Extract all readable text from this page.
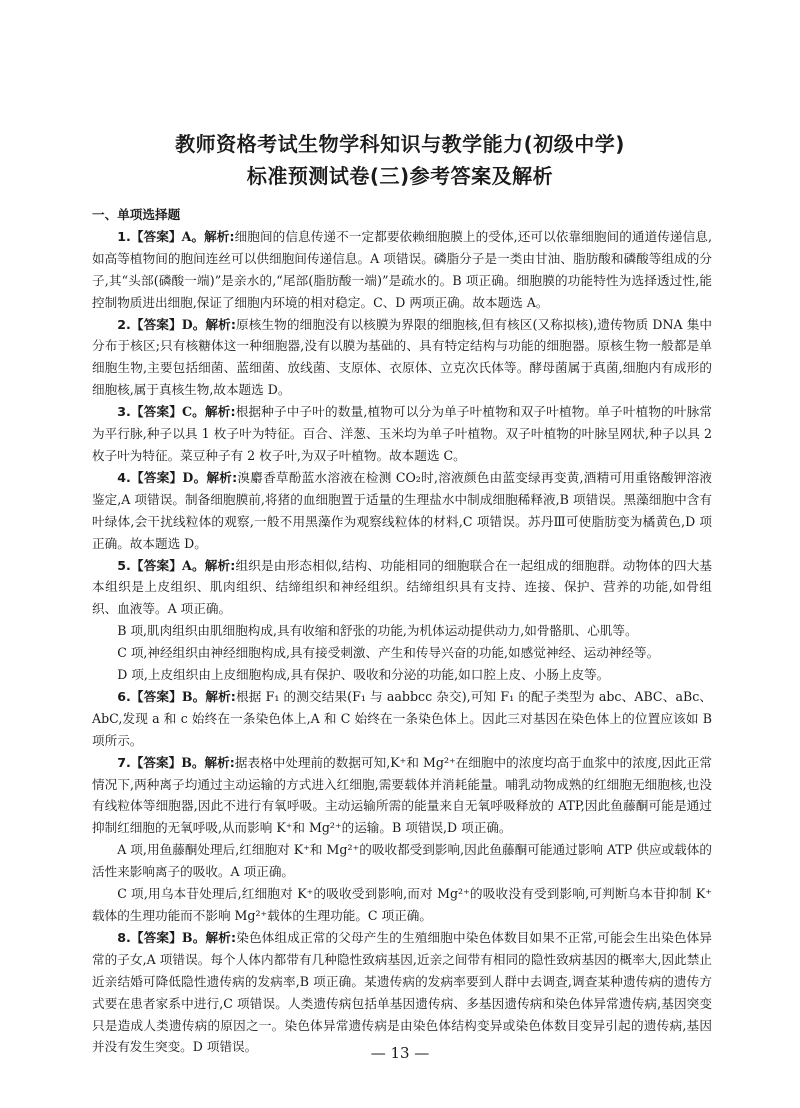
教师资格考试生物学科知识与教学能力(初级中学)
标准预测试卷(三)参考答案及解析
一、单项选择题

1.【答案】A。解析:细胞间的信息传递不一定都要依赖细胞膜上的受体,还可以依靠细胞间的通道传递信息,如高等植物间的胞间连丝可以供细胞间传递信息。A 项错误。磷脂分子是一类由甘油、脂肪酸和磷酸等组成的分子,其“头部(磷酸一端)”是亲水的,“尾部(脂肪酸一端)”是疏水的。B 项正确。细胞膜的功能特性为选择透过性,能控制物质进出细胞,保证了细胞内环境的相对稳定。C、D 两项正确。故本题选 A。

2.【答案】D。解析:原核生物的细胞没有以核膜为界限的细胞核,但有核区(又称拟核),遗传物质 DNA 集中分布于核区;只有核糖体这一种细胞器,没有以膜为基础的、具有特定结构与功能的细胞器。原核生物一般都是单细胞生物,主要包括细菌、蓝细菌、放线菌、支原体、衣原体、立克次氏体等。酵母菌属于真菌,细胞内有成形的细胞核,属于真核生物,故本题选 D。

3.【答案】C。解析:根据种子中子叶的数量,植物可以分为单子叶植物和双子叶植物。单子叶植物的叶脉常为平行脉,种子以具 1 枚子叶为特征。百合、洋葱、玉米均为单子叶植物。双子叶植物的叶脉呈网状,种子以具 2 枚子叶为特征。菜豆种子有 2 枚子叶,为双子叶植物。故本题选 C。

4.【答案】D。解析:溴麝香草酚蓝水溶液在检测 CO₂时,溶液颜色由蓝变绿再变黄,酒精可用重铬酸钾溶液鉴定,A 项错误。制备细胞膜前,将猪的血细胞置于适量的生理盐水中制成细胞稀释液,B 项错误。黑藻细胞中含有叶绿体,会干扰线粒体的观察,一般不用黑藻作为观察线粒体的材料,C 项错误。苏丹Ⅲ可使脂肪变为橘黄色,D 项正确。故本题选 D。

5.【答案】A。解析:组织是由形态相似,结构、功能相同的细胞联合在一起组成的细胞群。动物体的四大基本组织是上皮组织、肌肉组织、结缔组织和神经组织。结缔组织具有支持、连接、保护、营养的功能,如骨组织、血液等。A 项正确。

B 项,肌肉组织由肌细胞构成,具有收缩和舒张的功能,为机体运动提供动力,如骨骼肌、心肌等。

C 项,神经组织由神经细胞构成,具有接受刺激、产生和传导兴奋的功能,如感觉神经、运动神经等。

D 项,上皮组织由上皮细胞构成,具有保护、吸收和分泌的功能,如口腔上皮、小肠上皮等。

6.【答案】B。解析:根据 F₁ 的测交结果(F₁ 与 aabbcc 杂交),可知 F₁ 的配子类型为 abc、ABC、aBc、AbC,发现 a 和 c 始终在一条染色体上,A 和 C 始终在一条染色体上。因此三对基因在染色体上的位置应该如 B 项所示。

7.【答案】B。解析:据表格中处理前的数据可知,K⁺和 Mg²⁺在细胞中的浓度均高于血浆中的浓度,因此正常情况下,两种离子均通过主动运输的方式进入红细胞,需要载体并消耗能量。哺乳动物成熟的红细胞无细胞核,也没有线粒体等细胞器,因此不进行有氧呼吸。主动运输所需的能量来自无氧呼吸释放的 ATP,因此鱼藤酮可能是通过抑制红细胞的无氧呼吸,从而影响 K⁺和 Mg²⁺的运输。B 项错误,D 项正确。

A 项,用鱼藤酮处理后,红细胞对 K⁺和 Mg²⁺的吸收都受到影响,因此鱼藤酮可能通过影响 ATP 供应或载体的活性来影响离子的吸收。A 项正确。

C 项,用乌本苷处理后,红细胞对 K⁺的吸收受到影响,而对 Mg²⁺的吸收没有受到影响,可判断乌本苷抑制 K⁺载体的生理功能而不影响 Mg²⁺载体的生理功能。C 项正确。

8.【答案】B。解析:染色体组成正常的父母产生的生殖细胞中染色体数目如果不正常,可能会生出染色体异常的子女,A 项错误。每个人体内都带有几种隐性致病基因,近亲之间带有相同的隐性致病基因的概率大,因此禁止近亲结婚可降低隐性遗传病的发病率,B 项正确。某遗传病的发病率要到人群中去调查,调查某种遗传病的遗传方式要在患者家系中进行,C 项错误。人类遗传病包括单基因遗传病、多基因遗传病和染色体异常遗传病,基因突变只是造成人类遗传病的原因之一。染色体异常遗传病是由染色体结构变异或染色体数目变异引起的遗传病,基因并没有发生突变。D 项错误。	— 13 —
